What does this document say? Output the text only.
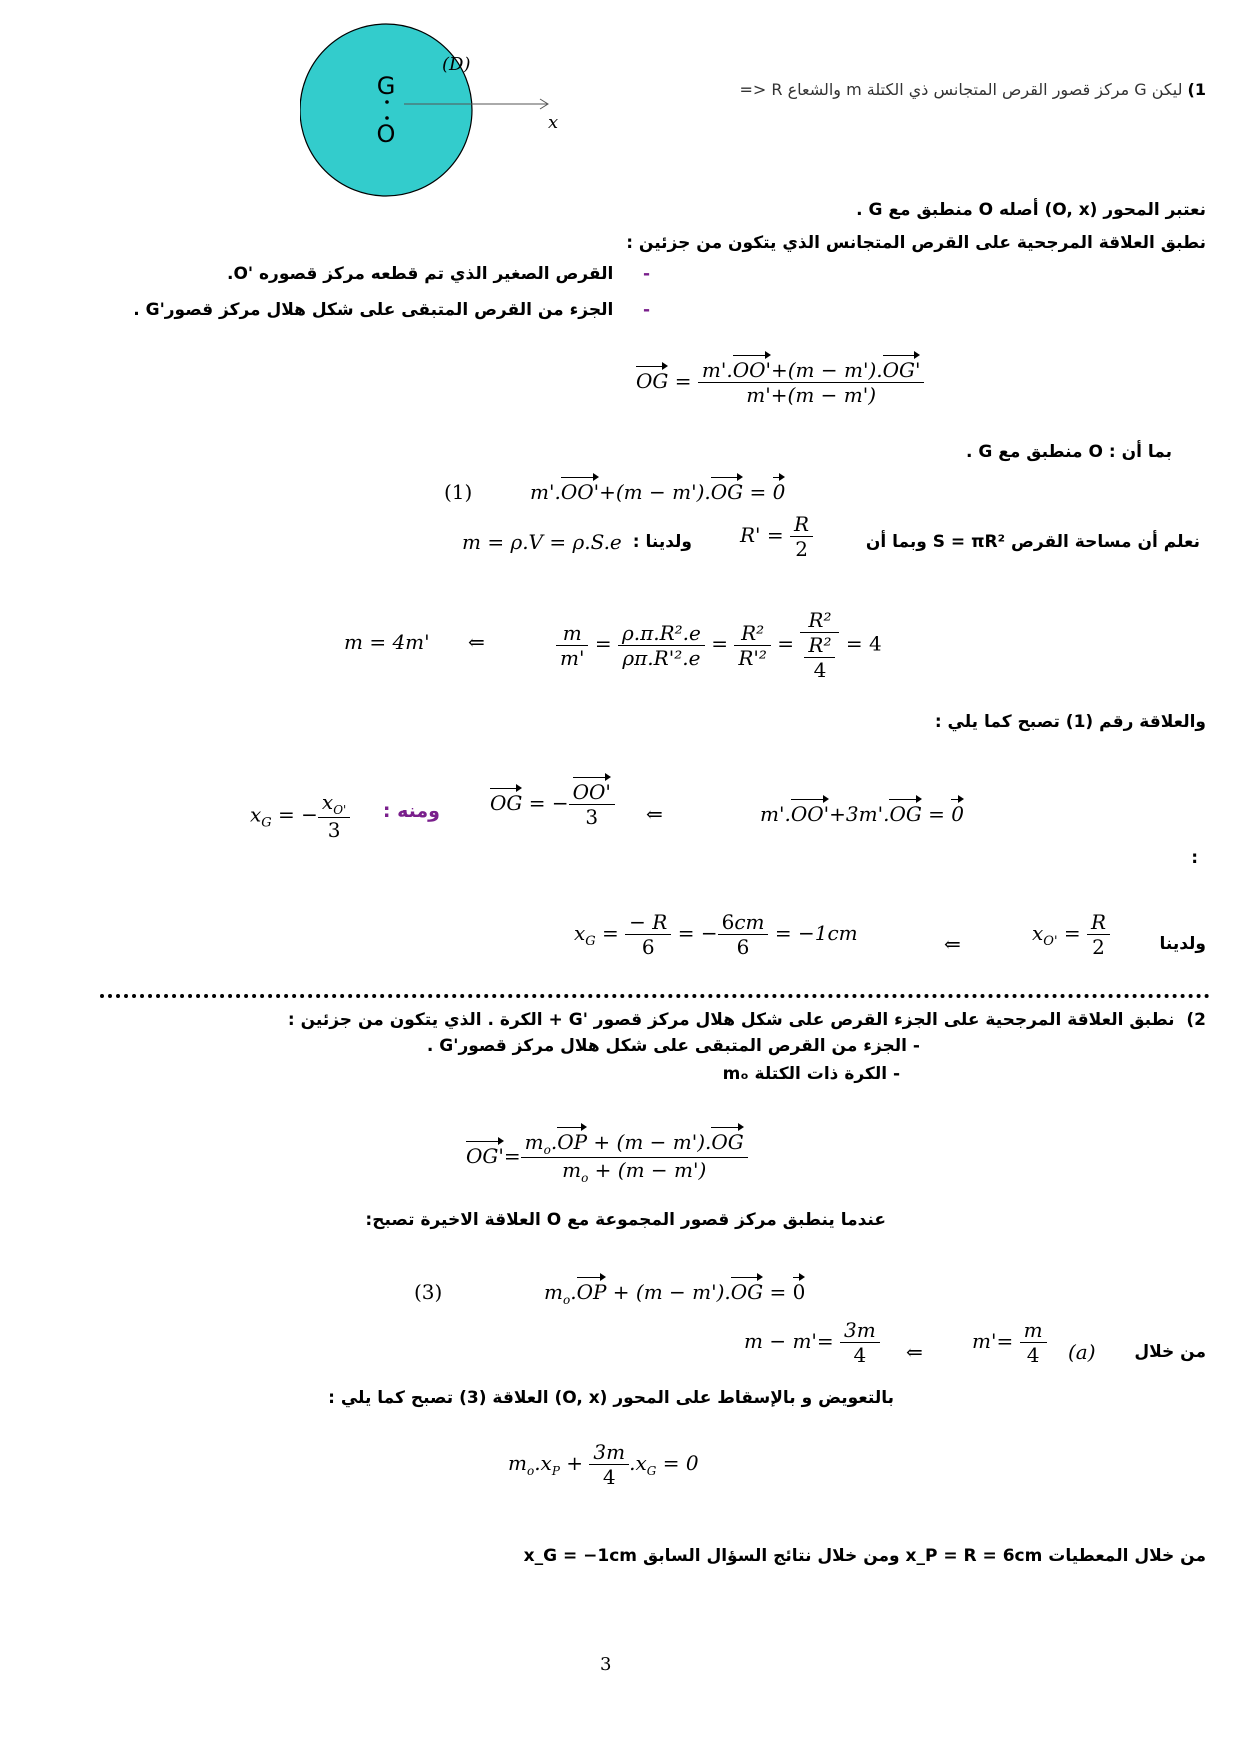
G
O
(D)
x
1) ليكن G مركز قصور القرص المتجانس ذي الكتلة m والشعاع R <=
نعتبر المحور (O, x) أصله O منطبق مع G .
نطبق العلاقة المرجحية على القرص المتجانس الذي يتكون من جزئين :
-     القرص الصغير الذي تم قطعه مركز قصوره 'O.
-     الجزء من القرص المتبقى على شكل هلال مركز قصور'G .
OG = $\frac{m'.OO'+(m - m').OG'}{m'+(m - m')}$
بما أن : O منطبق مع G .
(1)	m'.OO'+(m − m').OG = 0
نعلم أن مساحة القرص S = πR² وبما أن
$R' = \frac{R}{2}$
ولدينا :
m = ρ.V = ρ.S.e
m = 4m' ⇐	$\frac{m}{m'} = \frac{\text{ρ.π.R².e}}{\text{ρπ.R'².e}} = \frac{\text{R²}}{\text{R'²}} = \frac{\text{R²}}{\frac{\text{R²}}{4}} = 4$
والعلاقة رقم (1) تصبح كما يلي :
$x_G$ = − $\frac{x_{O'}}{3}$ ومنه :	OG = − $\frac{OO'}{3}$ ⇐	m'.OO'+3m'.OG = 0
:
$x_G = \frac{- R}{6}$ = − $\frac{6cm}{6} = -1cm$	⇐	$x_{O'} = \frac{R}{2}$	ولدينا
2)  نطبق العلاقة المرجحية على الجزء القرص على شكل هلال مركز قصور 'G + الكرة . الذي يتكون من جزئين :
- الجزء من القرص المتبقى على شكل هلال مركز قصور'G .
- الكرة ذات الكتلة mₒ
$OG'= \frac{m_o.OP + (m - m').OG}{m_o + (m - m')}$
عندما ينطبق مركز قصور المجموعة مع O العلاقة الاخيرة تصبح:
(3)	$m_o.OP + (m - m').OG = 0$
$m - m'= \frac{3m}{4}$ ⇐ $m'= \frac{m}{4} (a)$ من خلال
بالتعويض و بالإسقاط على المحور (O, x) العلاقة (3) تصبح كما يلي :
$m_o.x_P + \frac{3m}{4} .x_G = 0$
من خلال المعطيات x_P = R = 6cm ومن خلال نتائج السؤال السابق x_G = −1cm
3
